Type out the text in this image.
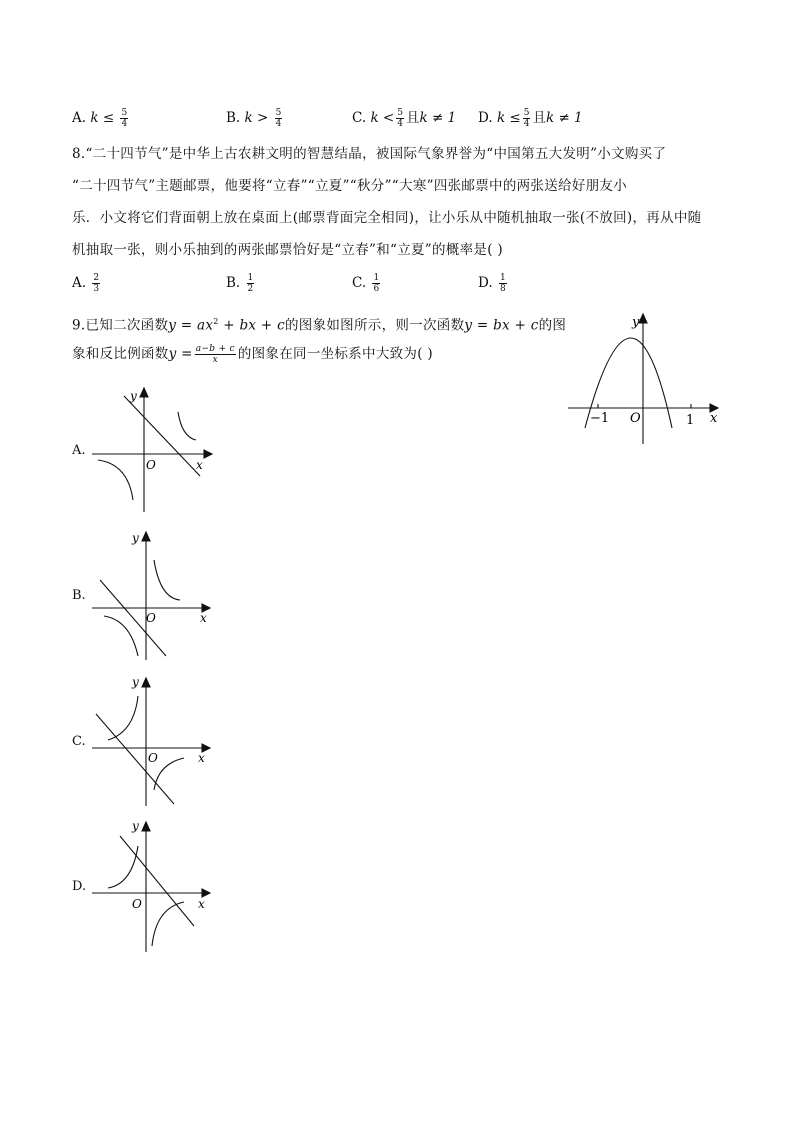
A. $k \le \frac{5}{4}$	B. $k > \frac{5}{4}$	C. $k < \frac{5}{4}$ 且k ≠ 1 D. $k \le \frac{5}{4}$ 且k ≠ 1
8.“二十四节气”是中华上古农耕文明的智慧结晶，被国际气象界誉为“中国第五大发明”小文购买了
“二十四节气”主题邮票，他要将“立春”“立夏”“秋分”“大寒”四张邮票中的两张送给好朋友小
乐．小文将它们背面朝上放在桌面上(邮票背面完全相同)，让小乐从中随机抽取一张(不放回)，再从中随
机抽取一张，则小乐抽到的两张邮票恰好是“立春”和“立夏”的概率是( )
A. $\frac{2}{3}$	B. $\frac{1}{2}$	C. $\frac{1}{6}$	D. $\frac{1}{8}$
9.已知二次函数$y = ax^2$ + bx + c的图象如图所示，则一次函数y = bx + c的图
象和反比例函数$y = \frac{a-b + c}{x}$ 的图象在同一坐标系中大致为( )
y
x
O
−1	1
A.
y
x
O
B.
y
x
O
C.
y
x
O
D.
y
x
O
